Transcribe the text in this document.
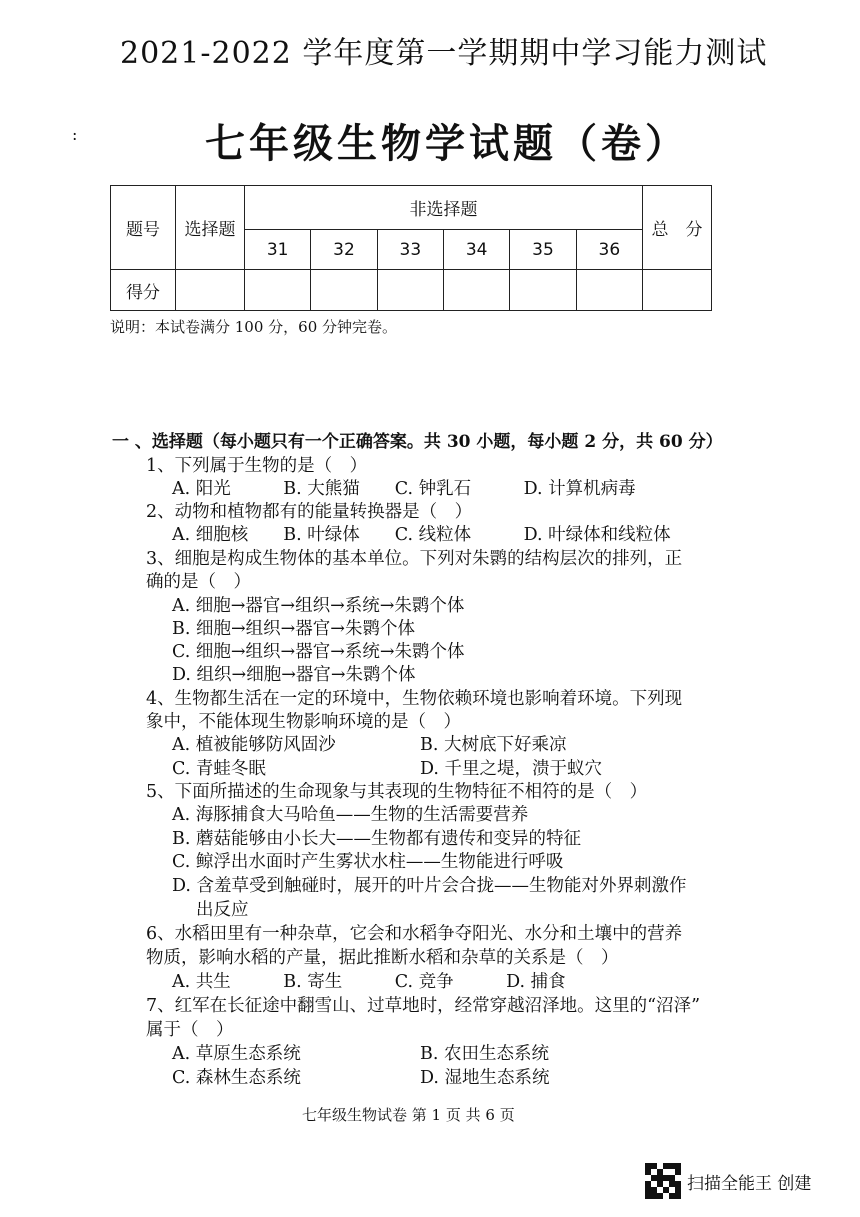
2021-2022 学年度第一学期期中学习能力测试
:	七年级生物学试题（卷）
题号	选择题	非选择题						总　分
		31	32	33	34	35	36	
得分								
说明：本试卷满分 100 分，60 分钟完卷。
一 、选择题（每小题只有一个正确答案。共 30 小题，每小题 2 分，共 60 分）
1、下列属于生物的是（　）
A. 阳光　　　B. 大熊猫　　C. 钟乳石　　　D. 计算机病毒
2、动物和植物都有的能量转换器是（　）
A. 细胞核　　B. 叶绿体　　C. 线粒体　　　D. 叶绿体和线粒体
3、细胞是构成生物体的基本单位。下列对朱鹮的结构层次的排列，正
确的是（　）
A. 细胞→器官→组织→系统→朱鹮个体
B. 细胞→组织→器官→朱鹮个体
C. 细胞→组织→器官→系统→朱鹮个体
D. 组织→细胞→器官→朱鹮个体
4、生物都生活在一定的环境中，生物依赖环境也影响着环境。下列现
象中，不能体现生物影响环境的是（　）
A. 植被能够防风固沙	B. 大树底下好乘凉
C. 青蛙冬眠	D. 千里之堤，溃于蚁穴
5、下面所描述的生命现象与其表现的生物特征不相符的是（　）
A. 海豚捕食大马哈鱼——生物的生活需要营养
B. 蘑菇能够由小长大——生物都有遗传和变异的特征
C. 鲸浮出水面时产生雾状水柱——生物能进行呼吸
D. 含羞草受到触碰时，展开的叶片会合拢——生物能对外界刺激作
出反应
6、水稻田里有一种杂草，它会和水稻争夺阳光、水分和土壤中的营养
物质，影响水稻的产量，据此推断水稻和杂草的关系是（　）
A. 共生　　　B. 寄生　　　C. 竞争　　　D. 捕食
7、红军在长征途中翻雪山、过草地时，经常穿越沼泽地。这里的“沼泽”
属于（　）
A. 草原生态系统	B. 农田生态系统
C. 森林生态系统	D. 湿地生态系统
七年级生物试卷 第 1 页 共 6 页
扫描全能王 创建
